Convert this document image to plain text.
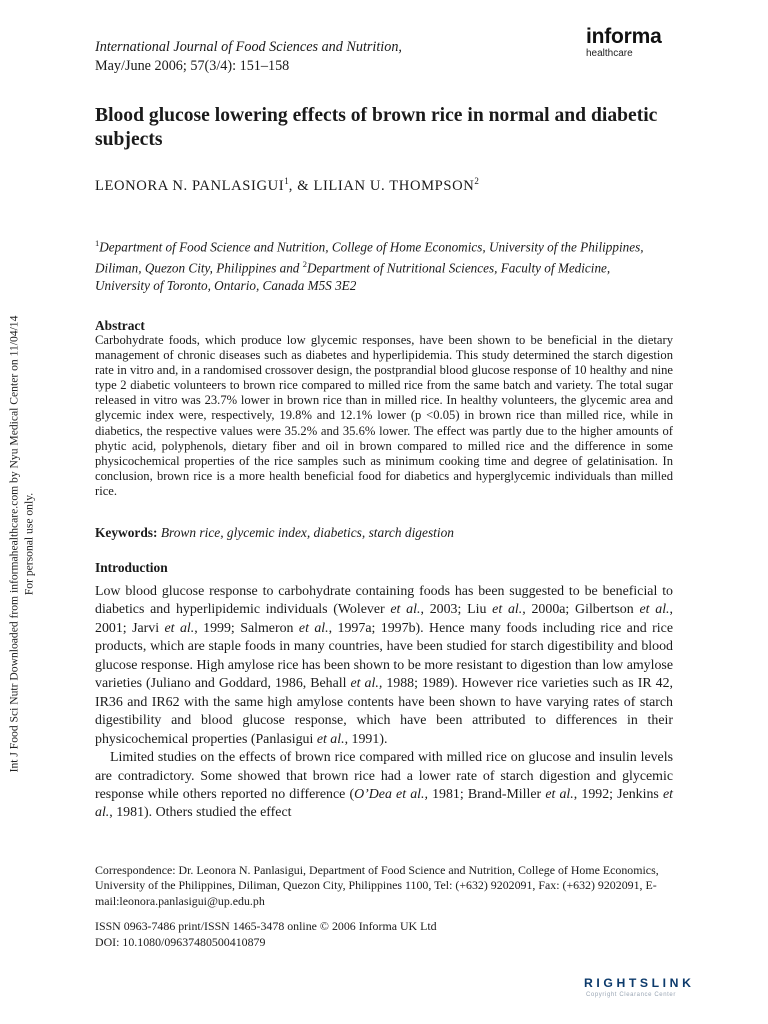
International Journal of Food Sciences and Nutrition,
May/June 2006; 57(3/4): 151–158
informa
healthcare
Blood glucose lowering effects of brown rice in normal and diabetic subjects
LEONORA N. PANLASIGUI$^1$, & LILIAN U. THOMPSON$^2$
$^1$Department of Food Science and Nutrition, College of Home Economics, University of the Philippines, Diliman, Quezon City, Philippines and $^2$Department of Nutritional Sciences, Faculty of Medicine, University of Toronto, Ontario, Canada M5S 3E2
Abstract
Carbohydrate foods, which produce low glycemic responses, have been shown to be beneficial in the dietary management of chronic diseases such as diabetes and hyperlipidemia. This study determined the starch digestion rate in vitro and, in a randomised crossover design, the postprandial blood glucose response of 10 healthy and nine type 2 diabetic volunteers to brown rice compared to milled rice from the same batch and variety. The total sugar released in vitro was 23.7% lower in brown rice than in milled rice. In healthy volunteers, the glycemic area and glycemic index were, respectively, 19.8% and 12.1% lower (p <0.05) in brown rice than milled rice, while in diabetics, the respective values were 35.2% and 35.6% lower. The effect was partly due to the higher amounts of phytic acid, polyphenols, dietary fiber and oil in brown compared to milled rice and the difference in some physicochemical properties of the rice samples such as minimum cooking time and degree of gelatinisation. In conclusion, brown rice is a more health beneficial food for diabetics and hyperglycemic individuals than milled rice.
Keywords: Brown rice, glycemic index, diabetics, starch digestion
Introduction

Low blood glucose response to carbohydrate containing foods has been suggested to be beneficial to diabetics and hyperlipidemic individuals (Wolever et al., 2003; Liu et al., 2000a; Gilbertson et al., 2001; Jarvi et al., 1999; Salmeron et al., 1997a; 1997b). Hence many foods including rice and rice products, which are staple foods in many countries, have been studied for starch digestibility and blood glucose response. High amylose rice has been shown to be more resistant to digestion than low amylose varieties (Juliano and Goddard, 1986, Behall et al., 1988; 1989). However rice varieties such as IR 42, IR36 and IR62 with the same high amylose contents have been shown to have varying rates of starch digestibility and blood glucose response, which have been attributed to differences in their physicochemical properties (Panlasigui et al., 1991).

Limited studies on the effects of brown rice compared with milled rice on glucose and insulin levels are contradictory. Some showed that brown rice had a lower rate of starch digestion and glycemic response while others reported no difference (O’Dea et al., 1981; Brand-Miller et al., 1992; Jenkins et al., 1981). Others studied the effect

Correspondence: Dr. Leonora N. Panlasigui, Department of Food Science and Nutrition, College of Home Economics, University of the Philippines, Diliman, Quezon City, Philippines 1100, Tel: (+632) 9202091, Fax: (+632) 9202091, E-mail:leonora.panlasigui@up.edu.ph

ISSN 0963-7486 print/ISSN 1465-3478 online © 2006 Informa UK Ltd

DOI: 10.1080/09637480500410879

Int J Food Sci Nutr Downloaded from informahealthcare.com by Nyu Medical Center on 11/04/14 For personal use only.
RIGHTSLINK
Copyright Clearance Center
